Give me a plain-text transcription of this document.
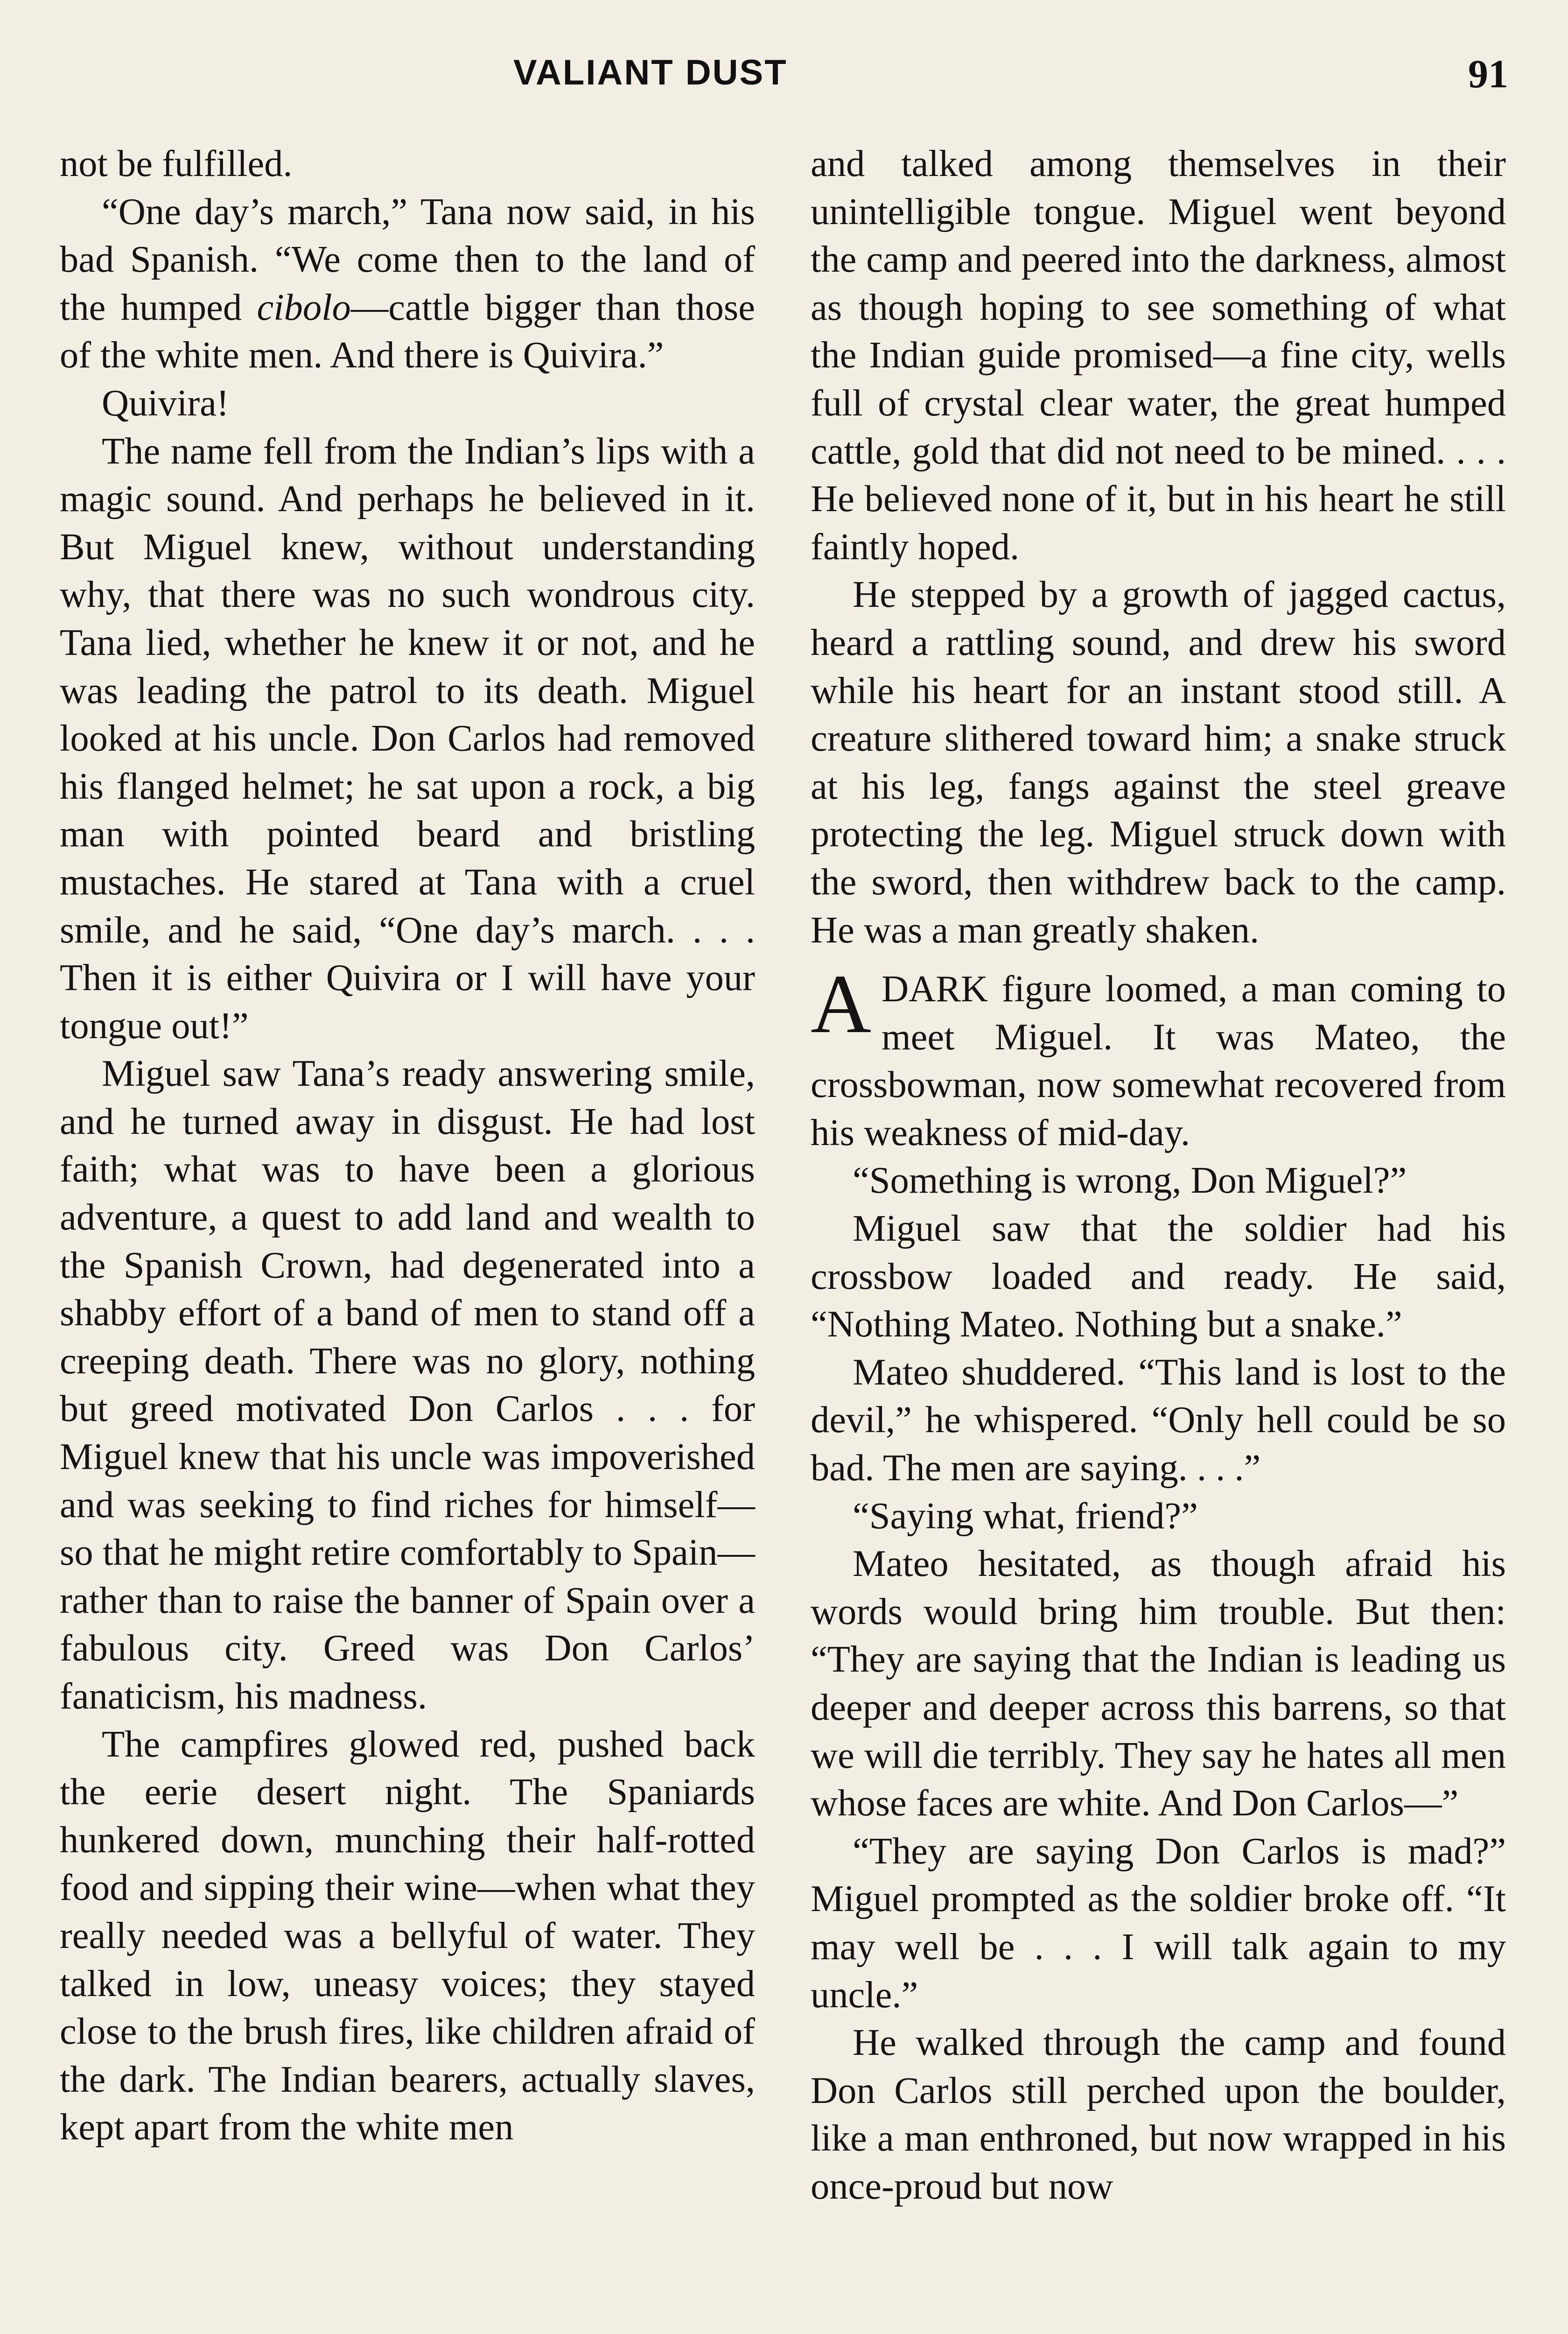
VALIANT DUST	91

not be fulfilled.

“One day’s march,” Tana now said, in his bad Spanish. “We come then to the land of the humped cibolo—cattle bigger than those of the white men. And there is Quivira.”

Quivira!

The name fell from the Indian’s lips with a magic sound. And perhaps he believed in it. But Miguel knew, without understanding why, that there was no such wondrous city. Tana lied, whether he knew it or not, and he was leading the patrol to its death. Miguel looked at his uncle. Don Carlos had removed his flanged helmet; he sat upon a rock, a big man with pointed beard and bristling mustaches. He stared at Tana with a cruel smile, and he said, “One day’s march. . . . Then it is either Quivira or I will have your tongue out!”

Miguel saw Tana’s ready answering smile, and he turned away in disgust. He had lost faith; what was to have been a glorious adventure, a quest to add land and wealth to the Spanish Crown, had degenerated into a shabby effort of a band of men to stand off a creeping death. There was no glory, nothing but greed motivated Don Carlos . . . for Miguel knew that his uncle was impoverished and was seeking to find riches for himself—so that he might retire comfortably to Spain—rather than to raise the banner of Spain over a fabulous city. Greed was Don Carlos’ fanaticism, his madness.

The campfires glowed red, pushed back the eerie desert night. The Spaniards hunkered down, munching their half-rotted food and sipping their wine—when what they really needed was a bellyful of water. They talked in low, uneasy voices; they stayed close to the brush fires, like children afraid of the dark. The Indian bearers, actually slaves, kept apart from the white men

and talked among themselves in their unintelligible tongue. Miguel went beyond the camp and peered into the darkness, almost as though hoping to see something of what the Indian guide promised—a fine city, wells full of crystal clear water, the great humped cattle, gold that did not need to be mined. . . . He believed none of it, but in his heart he still faintly hoped.

He stepped by a growth of jagged cactus, heard a rattling sound, and drew his sword while his heart for an instant stood still. A creature slithered toward him; a snake struck at his leg, fangs against the steel greave protecting the leg. Miguel struck down with the sword, then withdrew back to the camp. He was a man greatly shaken.

ADARK figure loomed, a man coming to meet Miguel. It was Mateo, the crossbowman, now somewhat recovered from his weakness of mid-day.

“Something is wrong, Don Miguel?”

Miguel saw that the soldier had his crossbow loaded and ready. He said, “Nothing Mateo. Nothing but a snake.”

Mateo shuddered. “This land is lost to the devil,” he whispered. “Only hell could be so bad. The men are saying. . . .”

“Saying what, friend?”

Mateo hesitated, as though afraid his words would bring him trouble. But then: “They are saying that the Indian is leading us deeper and deeper across this barrens, so that we will die terribly. They say he hates all men whose faces are white. And Don Carlos—”

“They are saying Don Carlos is mad?” Miguel prompted as the soldier broke off. “It may well be . . . I will talk again to my uncle.”

He walked through the camp and found Don Carlos still perched upon the boulder, like a man enthroned, but now wrapped in his once-proud but now
